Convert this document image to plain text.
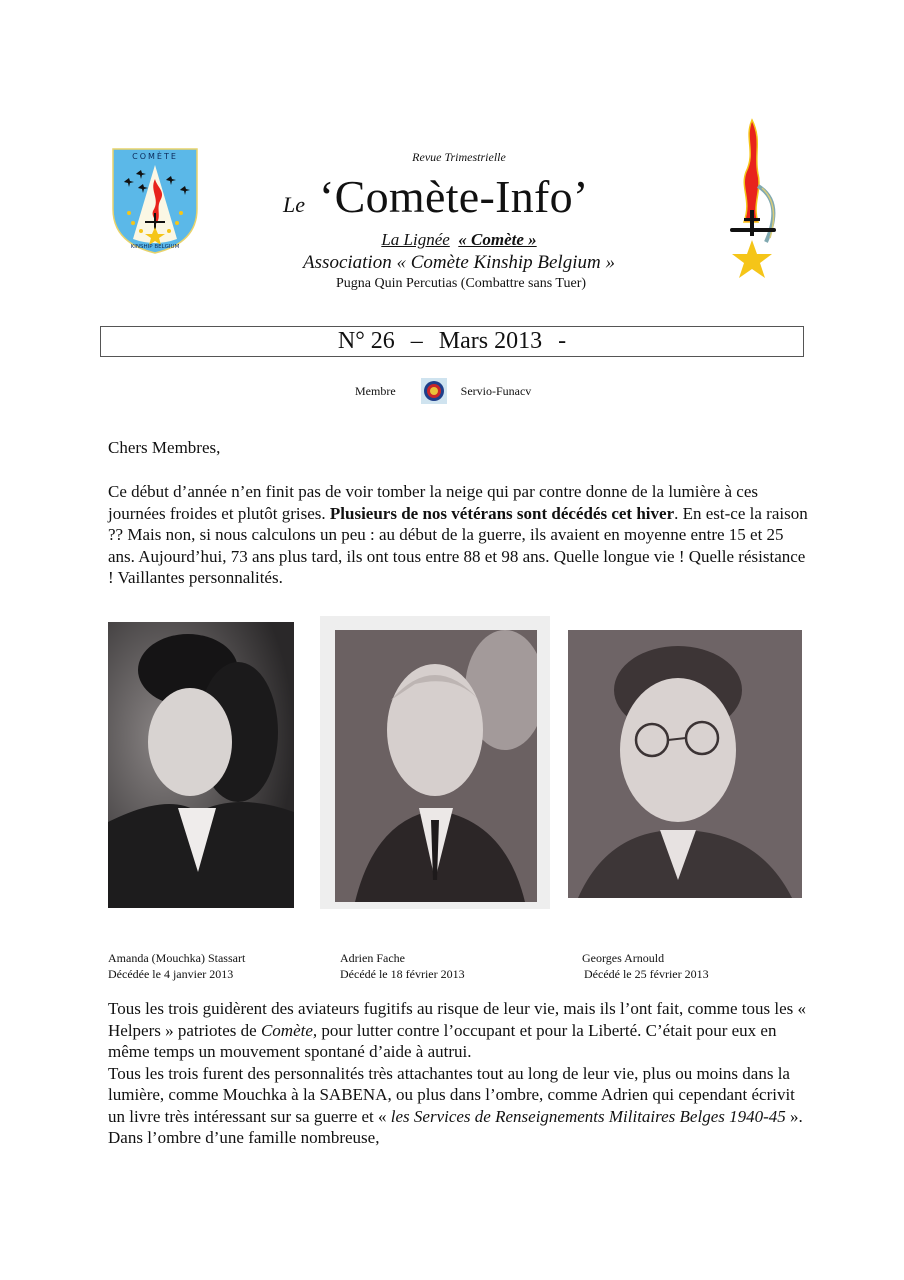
COMÈTE
KINSHIP BELGIUM
Revue Trimestrielle
Le ‘Comète-Info’
La Lignée « Comète »
Association « Comète Kinship Belgium »
Pugna Quin Percutias (Combattre sans Tuer)
N° 26 – Mars 2013 -
Membre	Servio-Funacv
Chers Membres,
Ce début d’année n’en finit pas de voir tomber la neige qui par contre donne de la lumière à ces journées froides et plutôt grises. Plusieurs de nos vétérans sont décédés cet hiver. En est-ce la raison ?? Mais non, si nous calculons un peu : au début de la guerre, ils avaient en moyenne entre 15 et 25 ans. Aujourd’hui, 73 ans plus tard, ils ont tous entre 88 et 98 ans. Quelle longue vie ! Quelle résistance ! Vaillantes personnalités.
Amanda (Mouchka) Stassart
Décédée le 4 janvier 2013
Adrien Fache
Décédé le 18 février 2013
Georges Arnould
Décédé le 25 février 2013
Tous les trois guidèrent des aviateurs fugitifs au risque de leur vie, mais ils l’ont fait, comme tous les « Helpers » patriotes de Comète, pour lutter contre l’occupant et pour la Liberté. C’était pour eux en même temps un mouvement spontané d’aide à autrui.
Tous les trois furent des personnalités très attachantes tout au long de leur vie, plus ou moins dans la lumière, comme Mouchka à la SABENA, ou plus dans l’ombre, comme Adrien qui cependant écrivit un livre très intéressant sur sa guerre et « les Services de Renseignements Militaires Belges 1940-45 ». Dans l’ombre d’une famille nombreuse,
